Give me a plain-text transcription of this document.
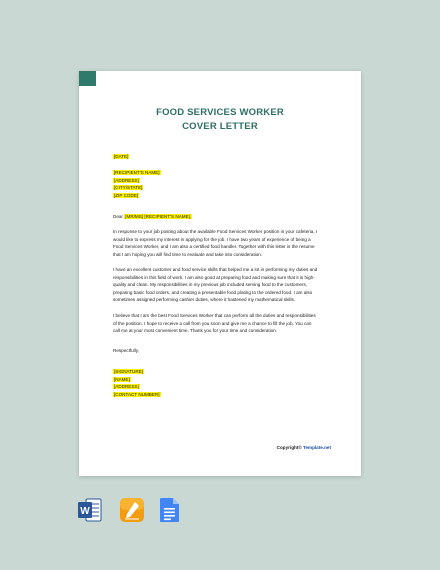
FOOD SERVICES WORKER
COVER LETTER
[DATE]
[RECIPIENT'S NAME]
[ADDRESS]
[CITY/STATE]
[ZIP CODE]
Dear [MR/MS] [RECIPIENT'S NAME],
In response to your job posting about the available Food Services Worker position in your cafeteria, I
would like to express my interest in applying for the job. I have two years of experience of being a
Food Services Worker, and I am also a certified food handler. Together with this letter is the resume
that I am hoping you will find time to evaluate and take into consideration.
I have an excellent customer and food service skills that helped me a lot in performing my duties and
responsibilities in this field of work. I am also good at preparing food and making sure that it is high-
quality and clean. My responsibilities in my previous job included serving food to the customers,
preparing basic food orders, and creating a presentable food plating to the ordered food. I am also
sometimes assigned performing cashier duties, where it hastened my mathematical skills.
I believe that I am the best Food Services Worker that can perform all the duties and responsibilities
of the position. I hope to receive a call from you soon and give me a chance to fill the job. You can
call me at your most convenient time. Thank you for your time and consideration.
Respectfully,
[SIGNATURE]
[NAME]
[ADDRESS]
[CONTACT NUMBER]
Copyright© Template.net
W
